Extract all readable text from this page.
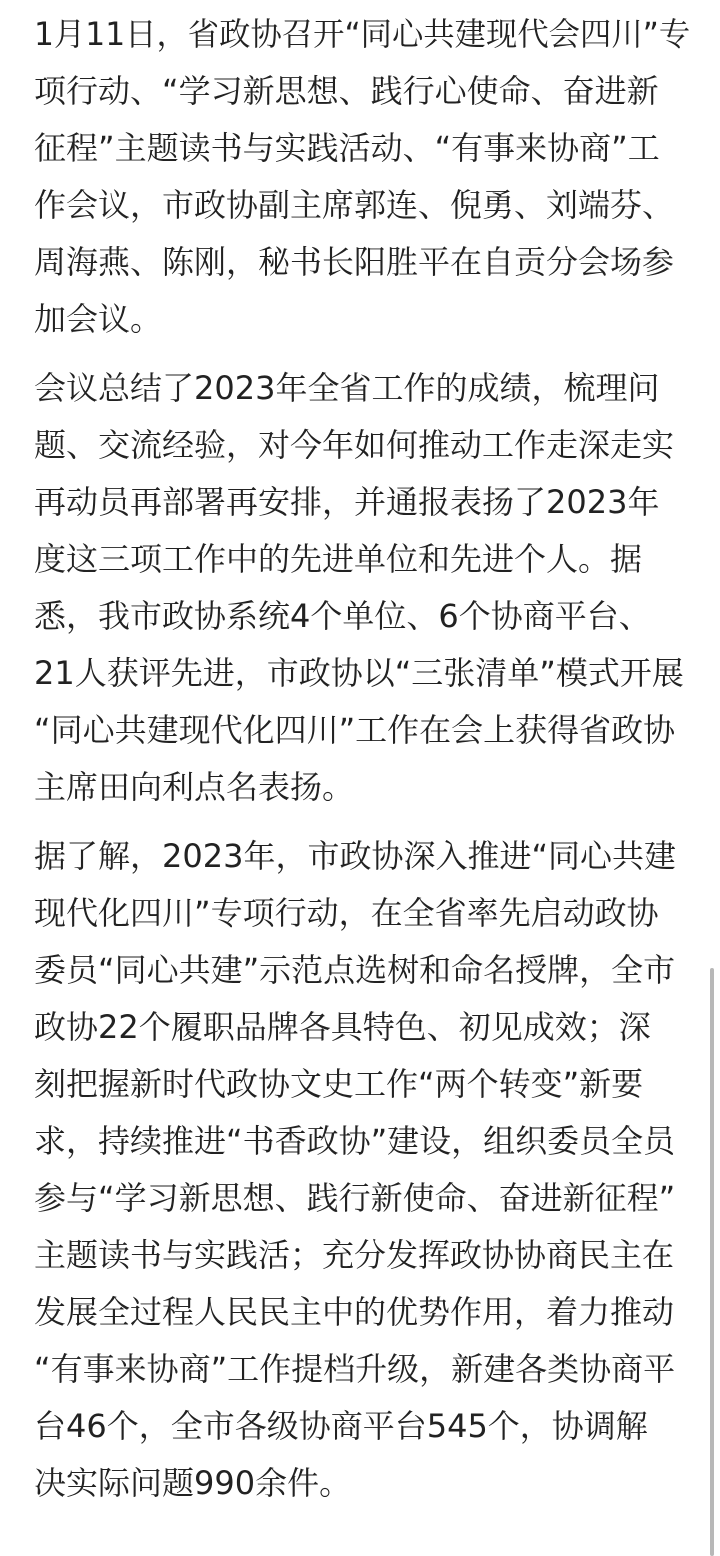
1月11日，省政协召开“同心共建现代会四川”专
项行动、“学习新思想、践行心使命、奋进新
征程”主题读书与实践活动、“有事来协商”工
作会议，市政协副主席郭连、倪勇、刘端芬、
周海燕、陈刚，秘书长阳胜平在自贡分会场参
加会议。
会议总结了2023年全省工作的成绩，梳理问
题、交流经验，对今年如何推动工作走深走实
再动员再部署再安排，并通报表扬了2023年
度这三项工作中的先进单位和先进个人。据
悉，我市政协系统4个单位、6个协商平台、
21人获评先进，市政协以“三张清单”模式开展
“同心共建现代化四川”工作在会上获得省政协
主席田向利点名表扬。
据了解，2023年，市政协深入推进“同心共建
现代化四川”专项行动，在全省率先启动政协
委员“同心共建”示范点选树和命名授牌，全市
政协22个履职品牌各具特色、初见成效；深
刻把握新时代政协文史工作“两个转变”新要
求，持续推进“书香政协”建设，组织委员全员
参与“学习新思想、践行新使命、奋进新征程”
主题读书与实践活；充分发挥政协协商民主在
发展全过程人民民主中的优势作用，着力推动
“有事来协商”工作提档升级，新建各类协商平
台46个，全市各级协商平台545个，协调解
决实际问题990余件。
